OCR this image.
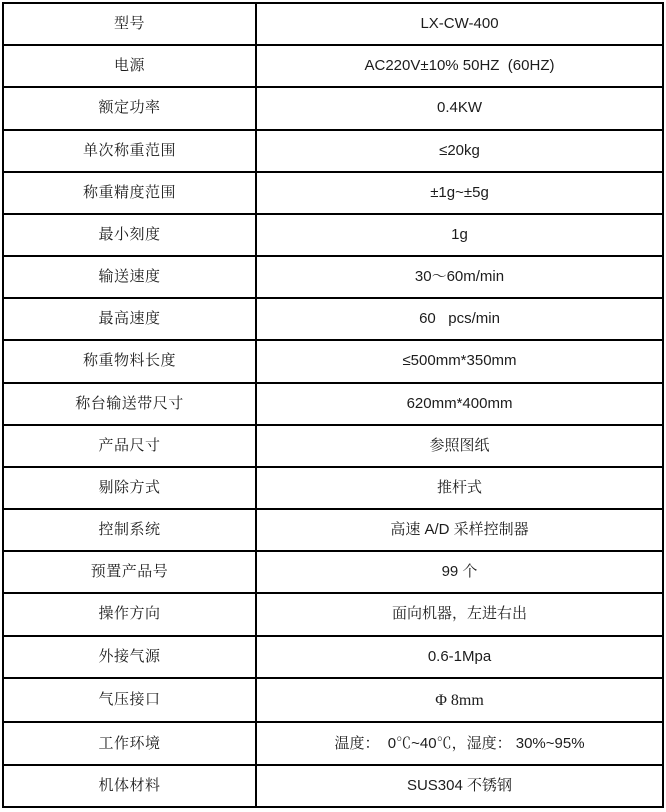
型号	LX-CW-400
电源	AC220V±10% 50HZ  (60HZ)
额定功率	0.4KW
单次称重范围	≤20kg
称重精度范围	±1g~±5g
最小刻度	1g
输送速度	30～60m/min
最高速度	60   pcs/min
称重物料长度	≤500mm*350mm
称台输送带尺寸	620mm*400mm
产品尺寸	参照图纸
剔除方式	推杆式
控制系统	高速 A/D 采样控制器
预置产品号	99 个
操作方向	面向机器，左进右出
外接气源	0.6-1Mpa
气压接口	Φ 8mm
工作环境	温度：  0℃~40℃，湿度： 30%~95%
机体材料	SUS304 不锈钢
